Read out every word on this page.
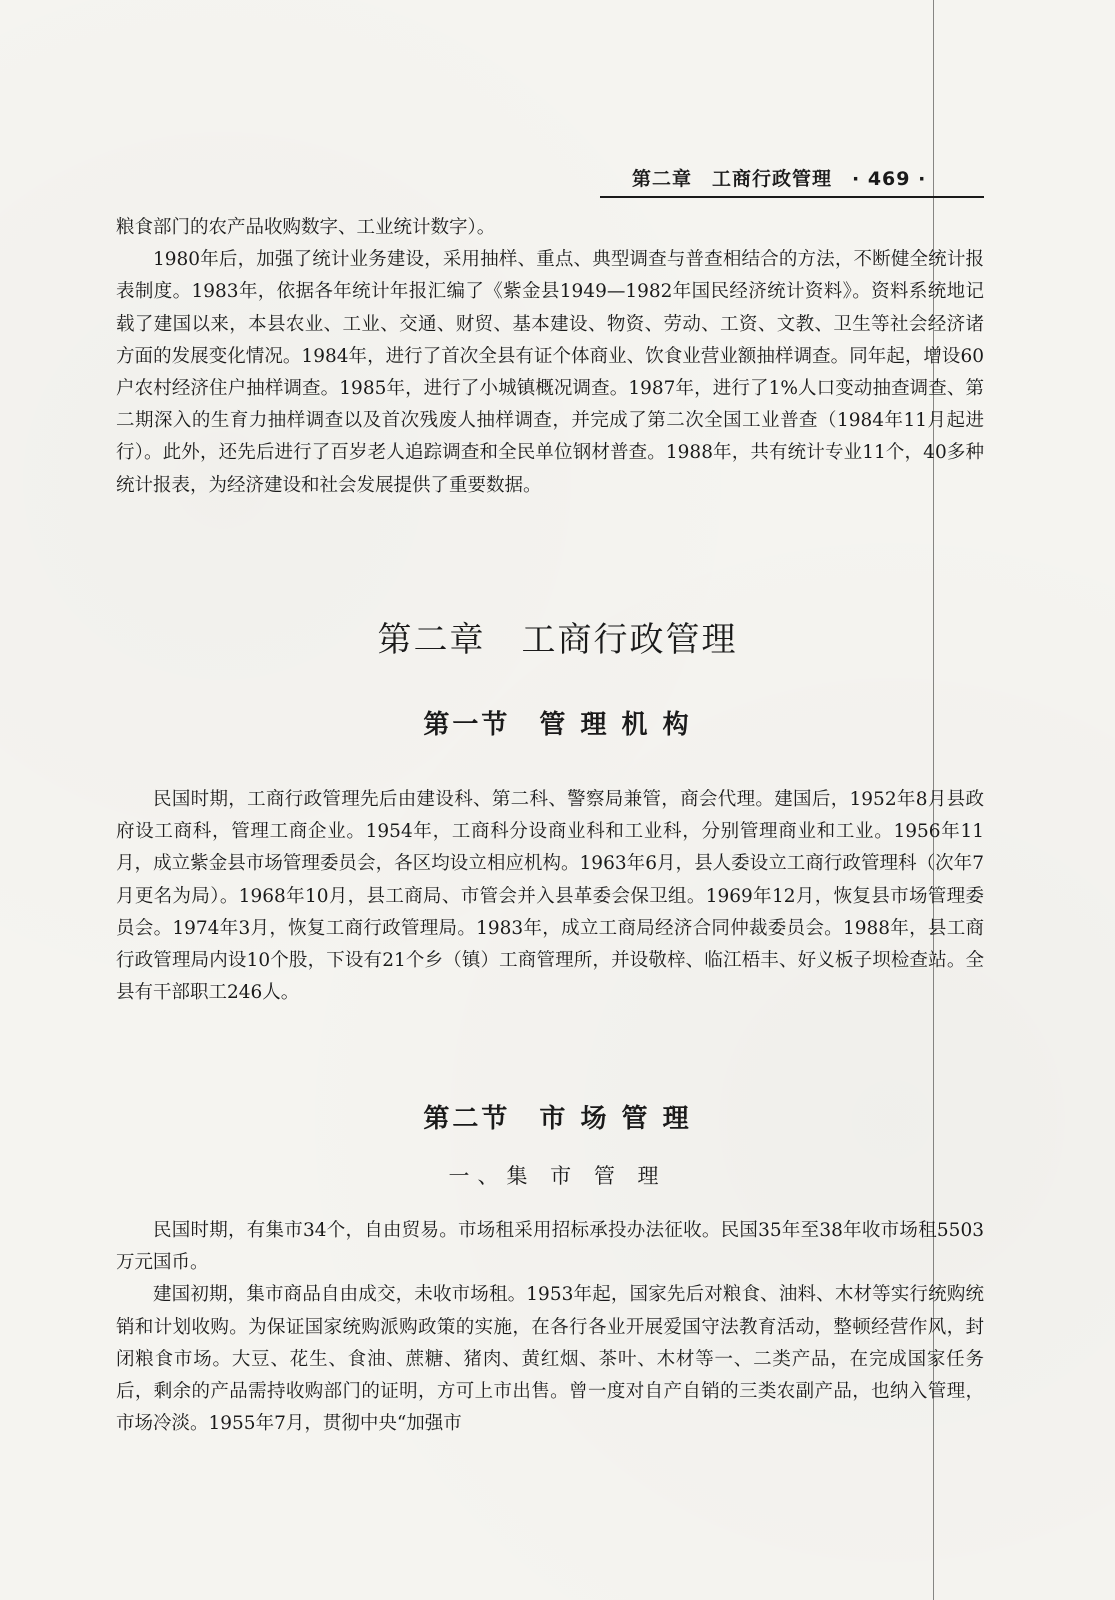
第二章　工商行政管理　· 469 ·

粮食部门的农产品收购数字、工业统计数字）。

1980年后，加强了统计业务建设，采用抽样、重点、典型调查与普查相结合的方法，不断健全统计报表制度。1983年，依据各年统计年报汇编了《紫金县1949—1982年国民经济统计资料》。资料系统地记载了建国以来，本县农业、工业、交通、财贸、基本建设、物资、劳动、工资、文教、卫生等社会经济诸方面的发展变化情况。1984年，进行了首次全县有证个体商业、饮食业营业额抽样调查。同年起，增设60户农村经济住户抽样调查。1985年，进行了小城镇概况调查。1987年，进行了1%人口变动抽查调查、第二期深入的生育力抽样调查以及首次残废人抽样调查，并完成了第二次全国工业普查（1984年11月起进行）。此外，还先后进行了百岁老人追踪调查和全民单位钢材普查。1988年，共有统计专业11个，40多种统计报表，为经济建设和社会发展提供了重要数据。

第二章　工商行政管理
第一节　管 理 机 构

民国时期，工商行政管理先后由建设科、第二科、警察局兼管，商会代理。建国后，1952年8月县政府设工商科，管理工商企业。1954年，工商科分设商业科和工业科，分别管理商业和工业。1956年11月，成立紫金县市场管理委员会，各区均设立相应机构。1963年6月，县人委设立工商行政管理科（次年7月更名为局）。1968年10月，县工商局、市管会并入县革委会保卫组。1969年12月，恢复县市场管理委员会。1974年3月，恢复工商行政管理局。1983年，成立工商局经济合同仲裁委员会。1988年，县工商行政管理局内设10个股，下设有21个乡（镇）工商管理所，并设敬梓、临江梧丰、好义板子坝检查站。全县有干部职工246人。

第二节　市 场 管 理
一、集 市 管 理

民国时期，有集市34个，自由贸易。市场租采用招标承投办法征收。民国35年至38年收市场租5503万元国币。

建国初期，集市商品自由成交，未收市场租。1953年起，国家先后对粮食、油料、木材等实行统购统销和计划收购。为保证国家统购派购政策的实施，在各行各业开展爱国守法教育活动，整顿经营作风，封闭粮食市场。大豆、花生、食油、蔗糖、猪肉、黄红烟、茶叶、木材等一、二类产品，在完成国家任务后，剩余的产品需持收购部门的证明，方可上市出售。曾一度对自产自销的三类农副产品，也纳入管理，市场冷淡。1955年7月，贯彻中央“加强市
